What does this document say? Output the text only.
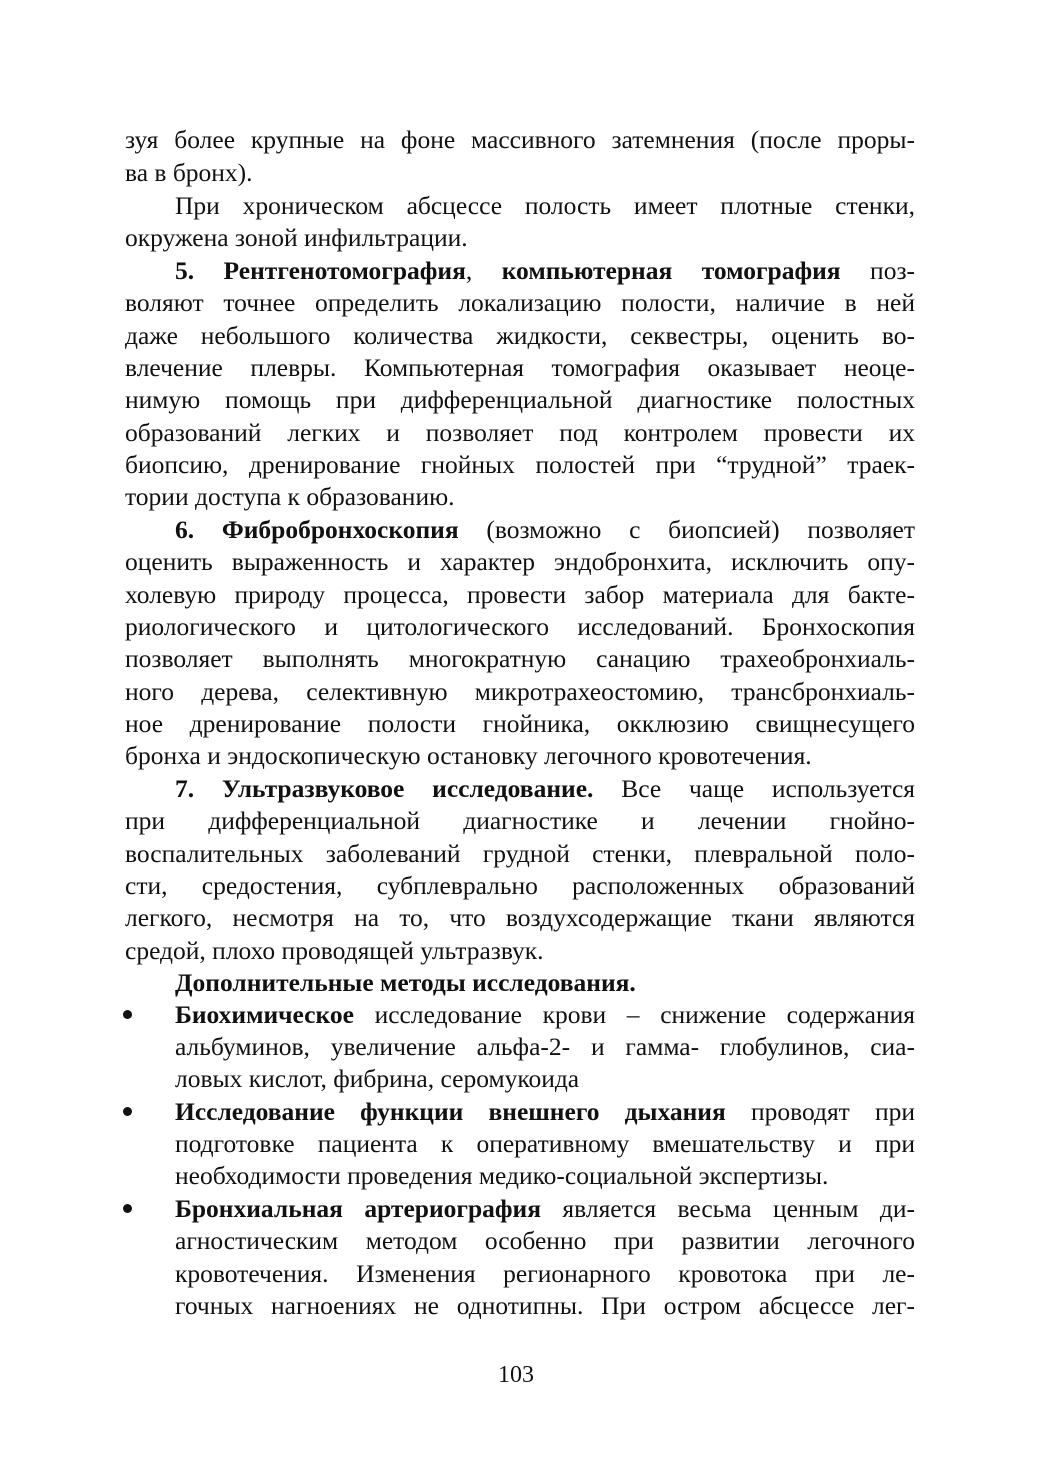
зуя более крупные на фоне массивного затемнения (после проры-
ва в бронх).
При хроническом абсцессе полость имеет плотные стенки,
окружена зоной инфильтрации.
5. Рентгенотомография, компьютерная томография поз-
воляют точнее определить локализацию полости, наличие в ней
даже небольшого количества жидкости, секвестры, оценить во-
влечение плевры. Компьютерная томография оказывает неоце-
нимую помощь при дифференциальной диагностике полостных
образований легких и позволяет под контролем провести их
биопсию, дренирование гнойных полостей при “трудной” траек-
тории доступа к образованию.
6. Фибробронхоскопия (возможно с биопсией) позволяет
оценить выраженность и характер эндобронхита, исключить опу-
холевую природу процесса, провести забор материала для бакте-
риологического и цитологического исследований. Бронхоскопия
позволяет выполнять многократную санацию трахеобронхиаль-
ного дерева, селективную микротрахеостомию, трансбронхиаль-
ное дренирование полости гнойника, окклюзию свищнесущего
бронха и эндоскопическую остановку легочного кровотечения.
7. Ультразвуковое исследование. Все чаще используется
при дифференциальной диагностике и лечении гнойно-
воспалительных заболеваний грудной стенки, плевральной поло-
сти, средостения, субплеврально расположенных образований
легкого, несмотря на то, что воздухсодержащие ткани являются
средой, плохо проводящей ультразвук.
Дополнительные методы исследования.
Биохимическое исследование крови – снижение содержания
альбуминов, увеличение альфа-2- и гамма- глобулинов, сиа-
ловых кислот, фибрина, серомукоида
Исследование функции внешнего дыхания проводят при
подготовке пациента к оперативному вмешательству и при
необходимости проведения медико-социальной экспертизы.
Бронхиальная артериография является весьма ценным ди-
агностическим методом особенно при развитии легочного
кровотечения. Изменения регионарного кровотока при ле-
гочных нагноениях не однотипны. При остром абсцессе лег-
103
